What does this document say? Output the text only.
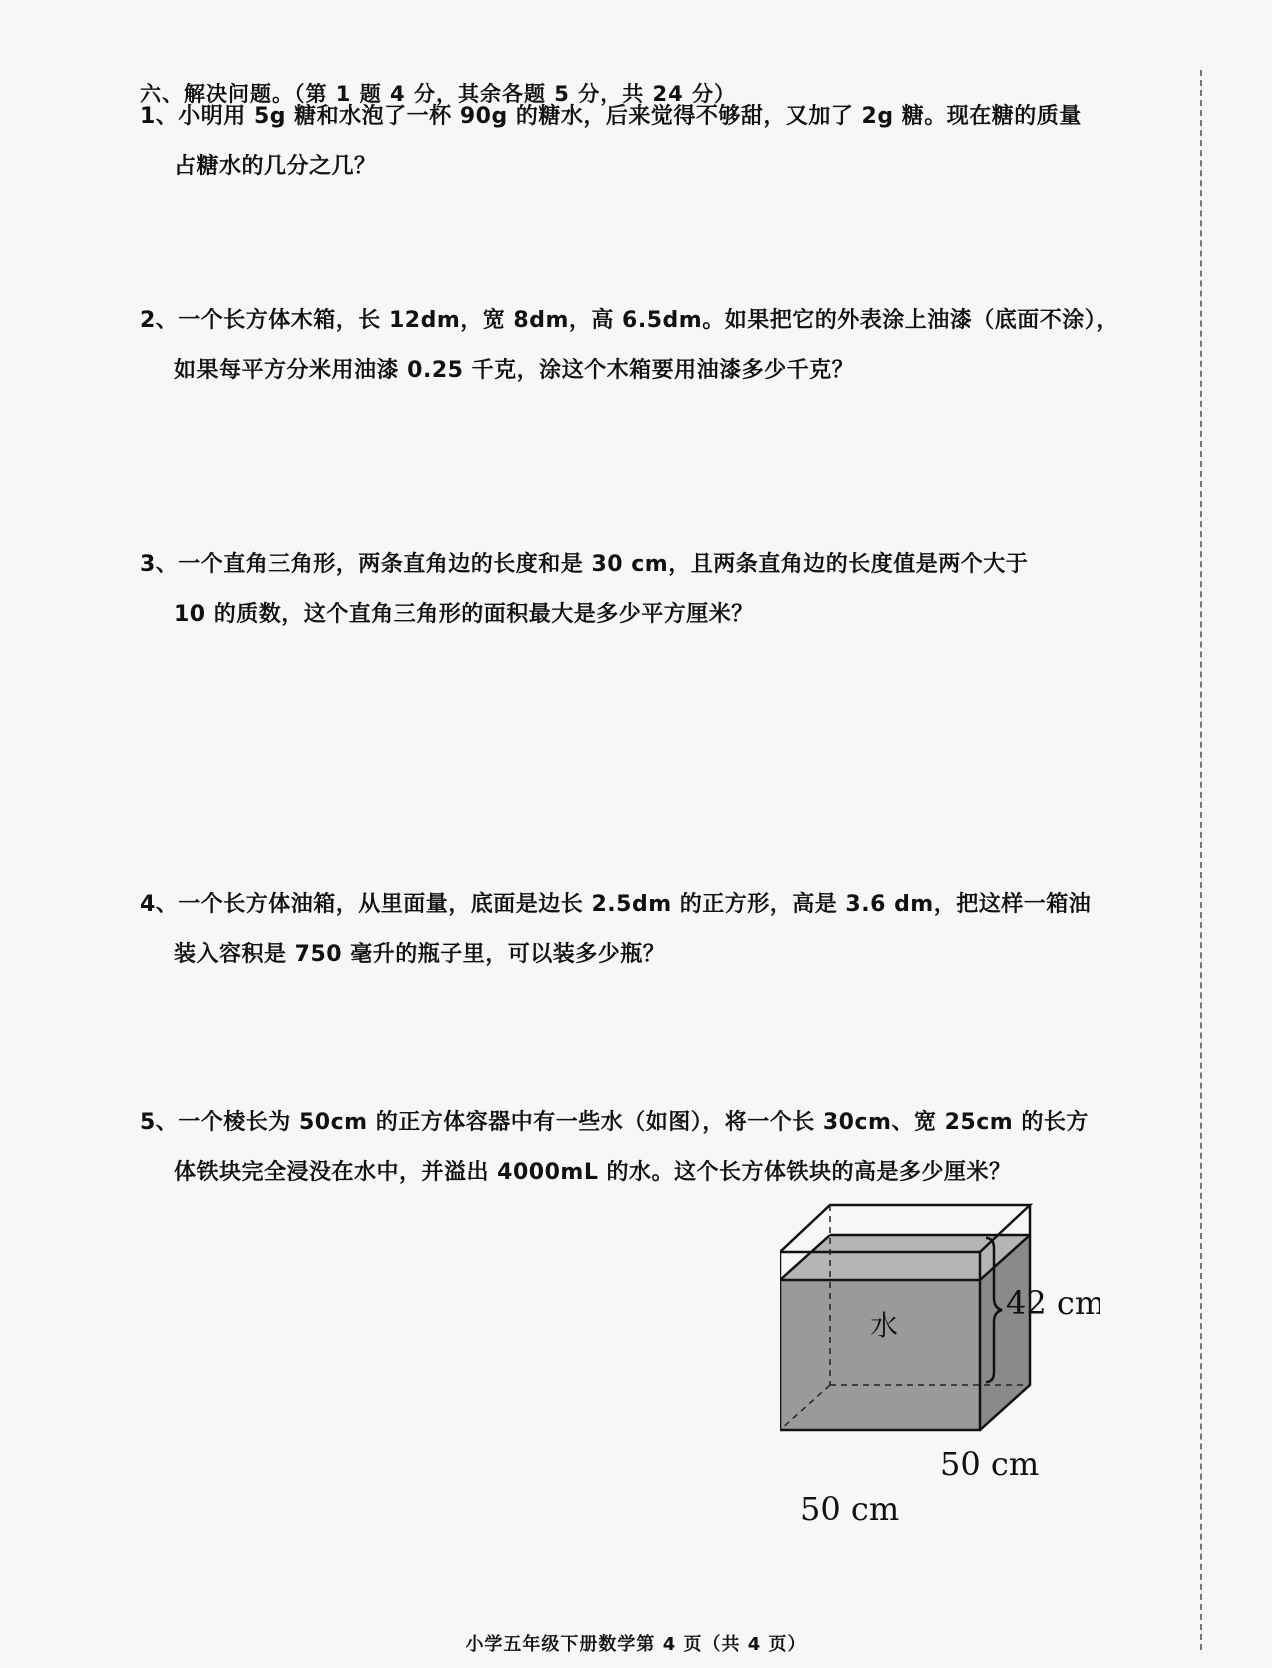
六、解决问题。（第 1 题 4 分，其余各题 5 分，共 24 分）
1、小明用 5g 糖和水泡了一杯 90g 的糖水，后来觉得不够甜，又加了 2g 糖。现在糖的质量
占糖水的几分之几？
2、一个长方体木箱，长 12dm，宽 8dm，高 6.5dm。如果把它的外表涂上油漆（底面不涂），
如果每平方分米用油漆 0.25 千克，涂这个木箱要用油漆多少千克？
3、一个直角三角形，两条直角边的长度和是 30 cm，且两条直角边的长度值是两个大于
10 的质数，这个直角三角形的面积最大是多少平方厘米？
4、一个长方体油箱，从里面量，底面是边长 2.5dm 的正方形，高是 3.6 dm，把这样一箱油
装入容积是 750 毫升的瓶子里，可以装多少瓶？
5、一个棱长为 50cm 的正方体容器中有一些水（如图），将一个长 30cm、宽 25cm 的长方
体铁块完全浸没在水中，并溢出 4000mL 的水。这个长方体铁块的高是多少厘米？
水
42 cm
50 cm
50 cm
小学五年级下册数学第 4 页（共 4 页）
